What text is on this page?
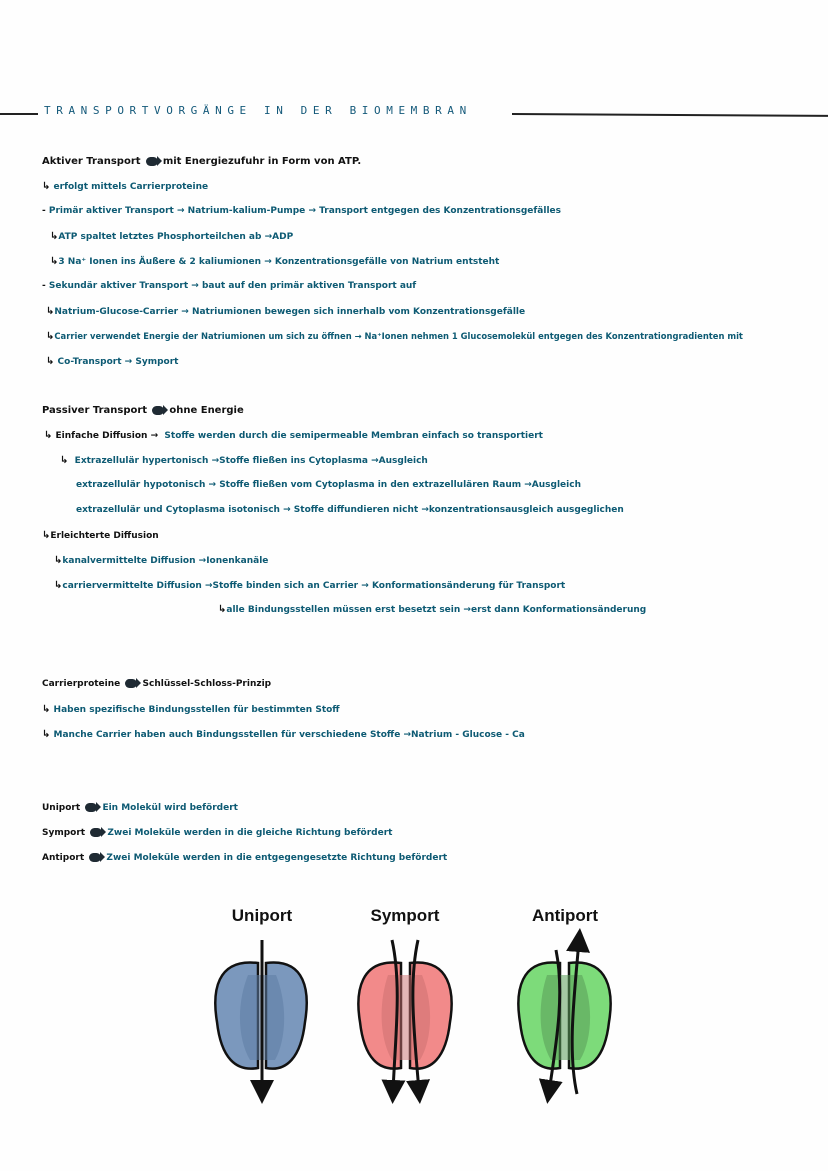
TRANSPORTVORGÄNGE IN DER BIOMEMBRAN
Aktiver Transport mit Energiezufuhr in Form von ATP.
↳ erfolgt mittels Carrierproteine
- Primär aktiver Transport → Natrium-kalium-Pumpe → Transport entgegen des Konzentrationsgefälles
↳ATP spaltet letztes Phosphorteilchen ab →ADP
↳3 Na⁺ Ionen ins Äußere & 2 kaliumionen → Konzentrationsgefälle von Natrium entsteht
- Sekundär aktiver Transport → baut auf den primär aktiven Transport auf
↳Natrium-Glucose-Carrier → Natriumionen bewegen sich innerhalb vom Konzentrationsgefälle
↳Carrier verwendet Energie der Natriumionen um sich zu öffnen → Na⁺Ionen nehmen 1 Glucosemolekül entgegen des Konzentrationgradienten mit
↳ Co-Transport → Symport
Passiver Transport ohne Energie
↳ Einfache Diffusion → Stoffe werden durch die semipermeable Membran einfach so transportiert
↳ Extrazellulär hypertonisch →Stoffe fließen ins Cytoplasma →Ausgleich
extrazellulär hypotonisch → Stoffe fließen vom Cytoplasma in den extrazellulären Raum →Ausgleich
extrazellulär und Cytoplasma isotonisch → Stoffe diffundieren nicht →konzentrationsausgleich ausgeglichen
↳Erleichterte Diffusion
↳kanalvermittelte Diffusion →Ionenkanäle
↳carriervermittelte Diffusion →Stoffe binden sich an Carrier → Konformationsänderung für Transport
↳alle Bindungsstellen müssen erst besetzt sein →erst dann Konformationsänderung
Carrierproteine Schlüssel-Schloss-Prinzip
↳ Haben spezifische Bindungsstellen für bestimmten Stoff
↳ Manche Carrier haben auch Bindungsstellen für verschiedene Stoffe →Natrium - Glucose - Ca
Uniport Ein Molekül wird befördert
Symport Zwei Moleküle werden in die gleiche Richtung befördert
Antiport Zwei Moleküle werden in die entgegengesetzte Richtung befördert
Uniport	Symport	Antiport
